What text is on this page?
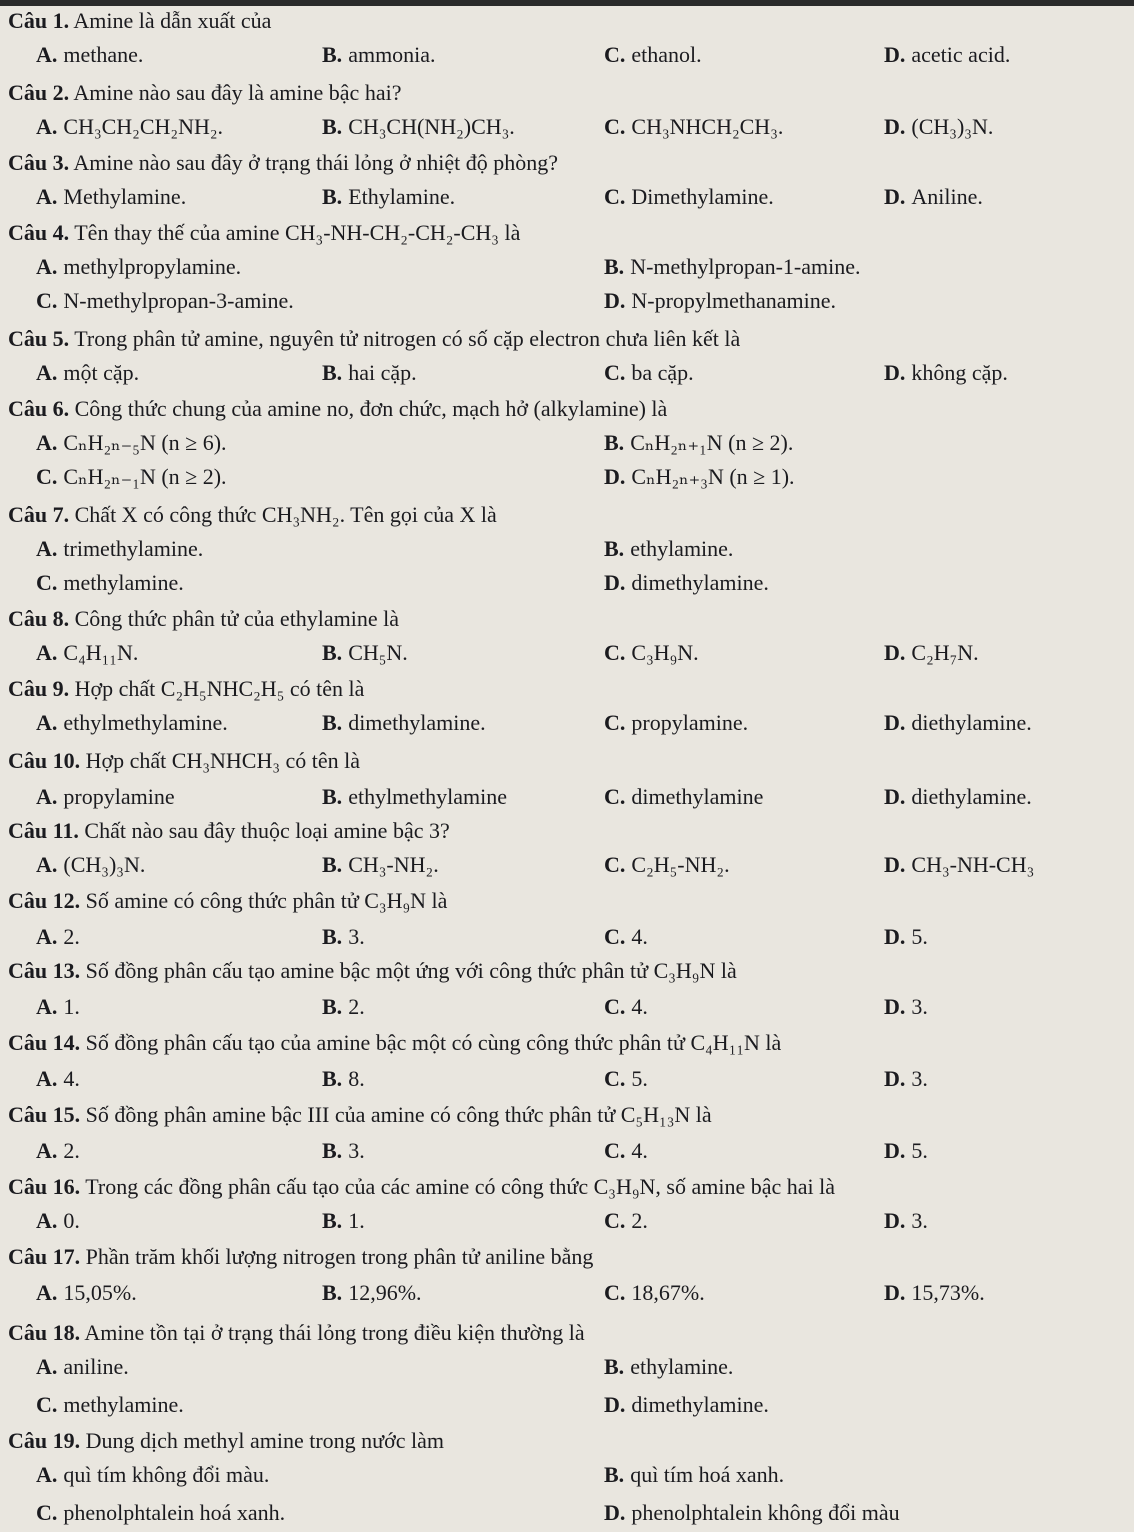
Câu 1. Amine là dẫn xuất của
A. methane.	B. ammonia.	C. ethanol.	D. acetic acid.
Câu 2. Amine nào sau đây là amine bậc hai?
A. CH₃CH₂CH₂NH₂.	B. CH₃CH(NH₂)CH₃.	C. CH₃NHCH₂CH₃.	D. (CH₃)₃N.
Câu 3. Amine nào sau đây ở trạng thái lỏng ở nhiệt độ phòng?
A. Methylamine.	B. Ethylamine.	C. Dimethylamine.	D. Aniline.
Câu 4. Tên thay thế của amine CH₃-NH-CH₂-CH₂-CH₃ là
A. methylpropylamine.	B. N-methylpropan-1-amine.
C. N-methylpropan-3-amine.	D. N-propylmethanamine.
Câu 5. Trong phân tử amine, nguyên tử nitrogen có số cặp electron chưa liên kết là
A. một cặp.	B. hai cặp.	C. ba cặp.	D. không cặp.
Câu 6. Công thức chung của amine no, đơn chức, mạch hở (alkylamine) là
A. CₙH₂ₙ₋₅N (n ≥ 6).	B. CₙH₂ₙ₊₁N (n ≥ 2).
C. CₙH₂ₙ₋₁N (n ≥ 2).	D. CₙH₂ₙ₊₃N (n ≥ 1).
Câu 7. Chất X có công thức CH₃NH₂. Tên gọi của X là
A. trimethylamine.	B. ethylamine.
C. methylamine.	D. dimethylamine.
Câu 8. Công thức phân tử của ethylamine là
A. C₄H₁₁N.	B. CH₅N.	C. C₃H₉N.	D. C₂H₇N.
Câu 9. Hợp chất C₂H₅NHC₂H₅ có tên là
A. ethylmethylamine.	B. dimethylamine.	C. propylamine.	D. diethylamine.
Câu 10. Hợp chất CH₃NHCH₃ có tên là
A. propylamine	B. ethylmethylamine	C. dimethylamine	D. diethylamine.
Câu 11. Chất nào sau đây thuộc loại amine bậc 3?
A. (CH₃)₃N.	B. CH₃-NH₂.	C. C₂H₅-NH₂.	D. CH₃-NH-CH₃
Câu 12. Số amine có công thức phân tử C₃H₉N là
A. 2.	B. 3.	C. 4.	D. 5.
Câu 13. Số đồng phân cấu tạo amine bậc một ứng với công thức phân tử C₃H₉N là
A. 1.	B. 2.	C. 4.	D. 3.
Câu 14. Số đồng phân cấu tạo của amine bậc một có cùng công thức phân tử C₄H₁₁N là
A. 4.	B. 8.	C. 5.	D. 3.
Câu 15. Số đồng phân amine bậc III của amine có công thức phân tử C₅H₁₃N là
A. 2.	B. 3.	C. 4.	D. 5.
Câu 16. Trong các đồng phân cấu tạo của các amine có công thức C₃H₉N, số amine bậc hai là
A. 0.	B. 1.	C. 2.	D. 3.
Câu 17. Phần trăm khối lượng nitrogen trong phân tử aniline bằng
A. 15,05%.	B. 12,96%.	C. 18,67%.	D. 15,73%.
Câu 18. Amine tồn tại ở trạng thái lỏng trong điều kiện thường là
A. aniline.	B. ethylamine.
C. methylamine.	D. dimethylamine.
Câu 19. Dung dịch methyl amine trong nước làm
A. quì tím không đổi màu.	B. quì tím hoá xanh.
C. phenolphtalein hoá xanh.	D. phenolphtalein không đổi màu
